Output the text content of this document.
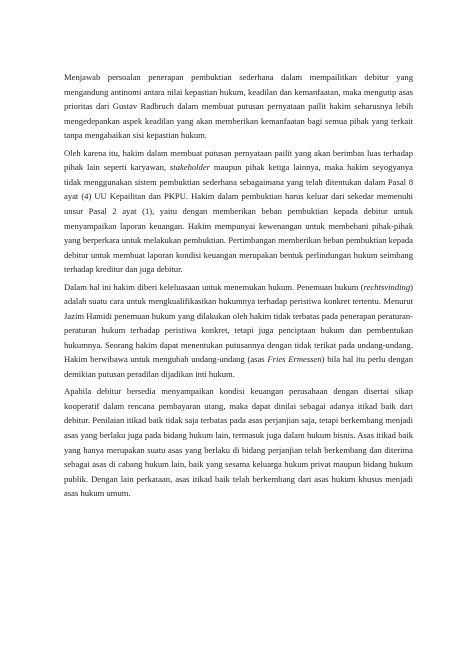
Menjawab persoalan penerapan pembuktian sederhana dalam mempailitkan debitur yang mengandung antinomi antara nilai kepastian hukum, keadilan dan kemanfaatan, maka mengutip asas prioritas dari Gustav Radbruch dalam membuat putusan pernyataan pailit hakim seharusnya lebih mengedepankan aspek keadilan yang akan memberikan kemanfaatan bagi semua pihak yang terkait tanpa mengabaikan sisi kepastian hukum.

Oleh karena itu, hakim dalam membuat putusan pernyataan pailit yang akan berimbas luas terhadap pihak lain seperti karyawan, stakeholder maupun pihak ketiga lainnya, maka hakim seyogyanya tidak menggunakan sistem pembuktian sederhana sebagaimana yang telah ditentukan dalam Pasal 8 ayat (4) UU Kepailitan dan PKPU. Hakim dalam pembuktian harus keluar dari sekedar memenuhi unsur Pasal 2 ayat (1), yaitu dengan memberikan beban pembuktian kepada debitur untuk menyampaikan laporan keuangan. Hakim mempunyai kewenangan untuk membebani pihak-pihak yang berperkara untuk melakukan pembuktian. Pertimbangan memberikan beban pembuktian kepada debitur untuk membuat laporan kondisi keuangan merupakan bentuk perlindungan hukum seimbang terhadap kreditur dan juga debitur.

Dalam hal ini hakim diberi keleluasaan untuk menemukan hukum. Penemuan hukum (rechtsvinding) adalah suatu cara untuk mengkualifikasikan hukumnya terhadap peristiwa konkret tertentu. Menurut Jazim Hamidi penemuan hukum yang dilakukan oleh hakim tidak terbatas pada penerapan peraturan-peraturan hukum terhadap peristiwa konkret, tetapi juga penciptaan hukum dan pembentukan hukumnya. Seorang hakim dapat menentukan putusannya dengan tidak terikat pada undang-undang. Hakim berwibawa untuk mengubah undang-undang (asas Fries Ermessen) bila hal itu perlu dengan demikian putusan peradilan dijadikan inti hukum.

Apabila debitur bersedia menyampaikan kondisi keuangan perusahaan dengan disertai sikap kooperatif dalam rencana pembayaran utang, maka dapat dinilai sebagai adanya itikad baik dari debitur. Penilaian itikad baik tidak saja terbatas pada asas perjanjian saja, tetapi berkembang menjadi asas yang berlaku juga pada bidang hukum lain, termasuk juga dalam hukum bisnis. Asas itikad baik yang hanya merupakan suatu asas yang berlaku di bidang perjanjian telah berkembang dan diterima sebagai asas di cabang hukum lain, baik yang sesama keluarga hukum privat maupun bidang hukum publik. Dengan lain perkataan, asas itikad baik telah berkembang dari asas hukum khusus menjadi asas hukum umum.
